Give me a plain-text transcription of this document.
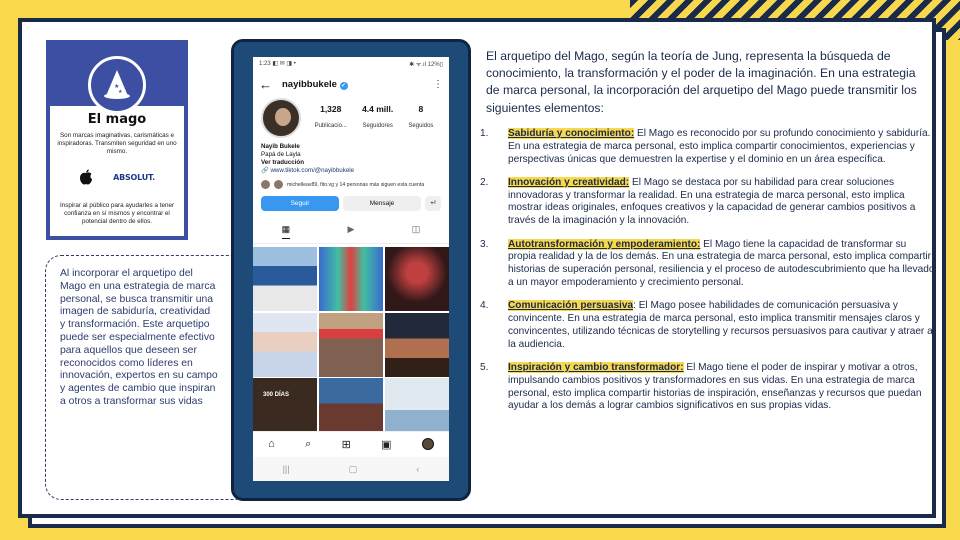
★
★
El mago
Son marcas imaginativas, carismáticas e inspiradoras. Transmiten seguridad en uno mismo.
ABSOLUT.
Inspirar al público para ayudarles a tener confianza en sí mismos y encontrar el potencial dentro de ellos.
Al incorporar el arquetipo del Mago en una estrategia de marca personal, se busca transmitir una imagen de sabiduría, creatividad y transformación. Este arquetipo puede ser especialmente efectivo para aquellos que deseen ser reconocidos como líderes en innovación, expertos en su campo y agentes de cambio que inspiran a otros a transformar sus vidas
1:23 ◧ ✉ ◨ •	✱ ᯤ.ıl 12%▯
← nayibbukele ✓	⋮
1,328
Publicacio...
4.4 mill.
Seguidores
8
Seguidos
Nayib Bukele
Papá de Layla
Ver traducción
🔗 www.tiktok.com/@nayibbukele
michelleav89, fito.vg y 14 personas más siguen esta cuenta
Seguir	Mensaje	+²
▦	▶	◫
300 DÍAS
⌂	⌕	⊞	▣
|||	▢	‹
El arquetipo del Mago, según la teoría de Jung, representa la búsqueda de conocimiento, la transformación y el poder de la imaginación. En una estrategia de marca personal, la incorporación del arquetipo del Mago puede transmitir los siguientes elementos:
1.	Sabiduría y conocimiento: El Mago es reconocido por su profundo conocimiento y sabiduría. En una estrategia de marca personal, esto implica compartir conocimientos, experiencias y perspectivas únicas que demuestren la expertise y el dominio en un área específica.
2.	Innovación y creatividad: El Mago se destaca por su habilidad para crear soluciones innovadoras y transformar la realidad. En una estrategia de marca personal, esto implica mostrar ideas originales, enfoques creativos y la capacidad de generar cambios positivos a través de la imaginación y la innovación.
3.	Autotransformación y empoderamiento: El Mago tiene la capacidad de transformar su propia realidad y la de los demás. En una estrategia de marca personal, esto implica compartir historias de superación personal, resiliencia y el proceso de autodescubrimiento que ha llevado a un mayor empoderamiento y crecimiento personal.
4.	Comunicación persuasiva: El Mago posee habilidades de comunicación persuasiva y convincente. En una estrategia de marca personal, esto implica transmitir mensajes claros y convincentes, utilizando técnicas de storytelling y recursos persuasivos para cautivar y atraer a la audiencia.
5.	Inspiración y cambio transformador: El Mago tiene el poder de inspirar y motivar a otros, impulsando cambios positivos y transformadores en sus vidas. En una estrategia de marca personal, esto implica compartir historias de inspiración, enseñanzas y recursos que puedan ayudar a los demás a lograr cambios significativos en sus propias vidas.
